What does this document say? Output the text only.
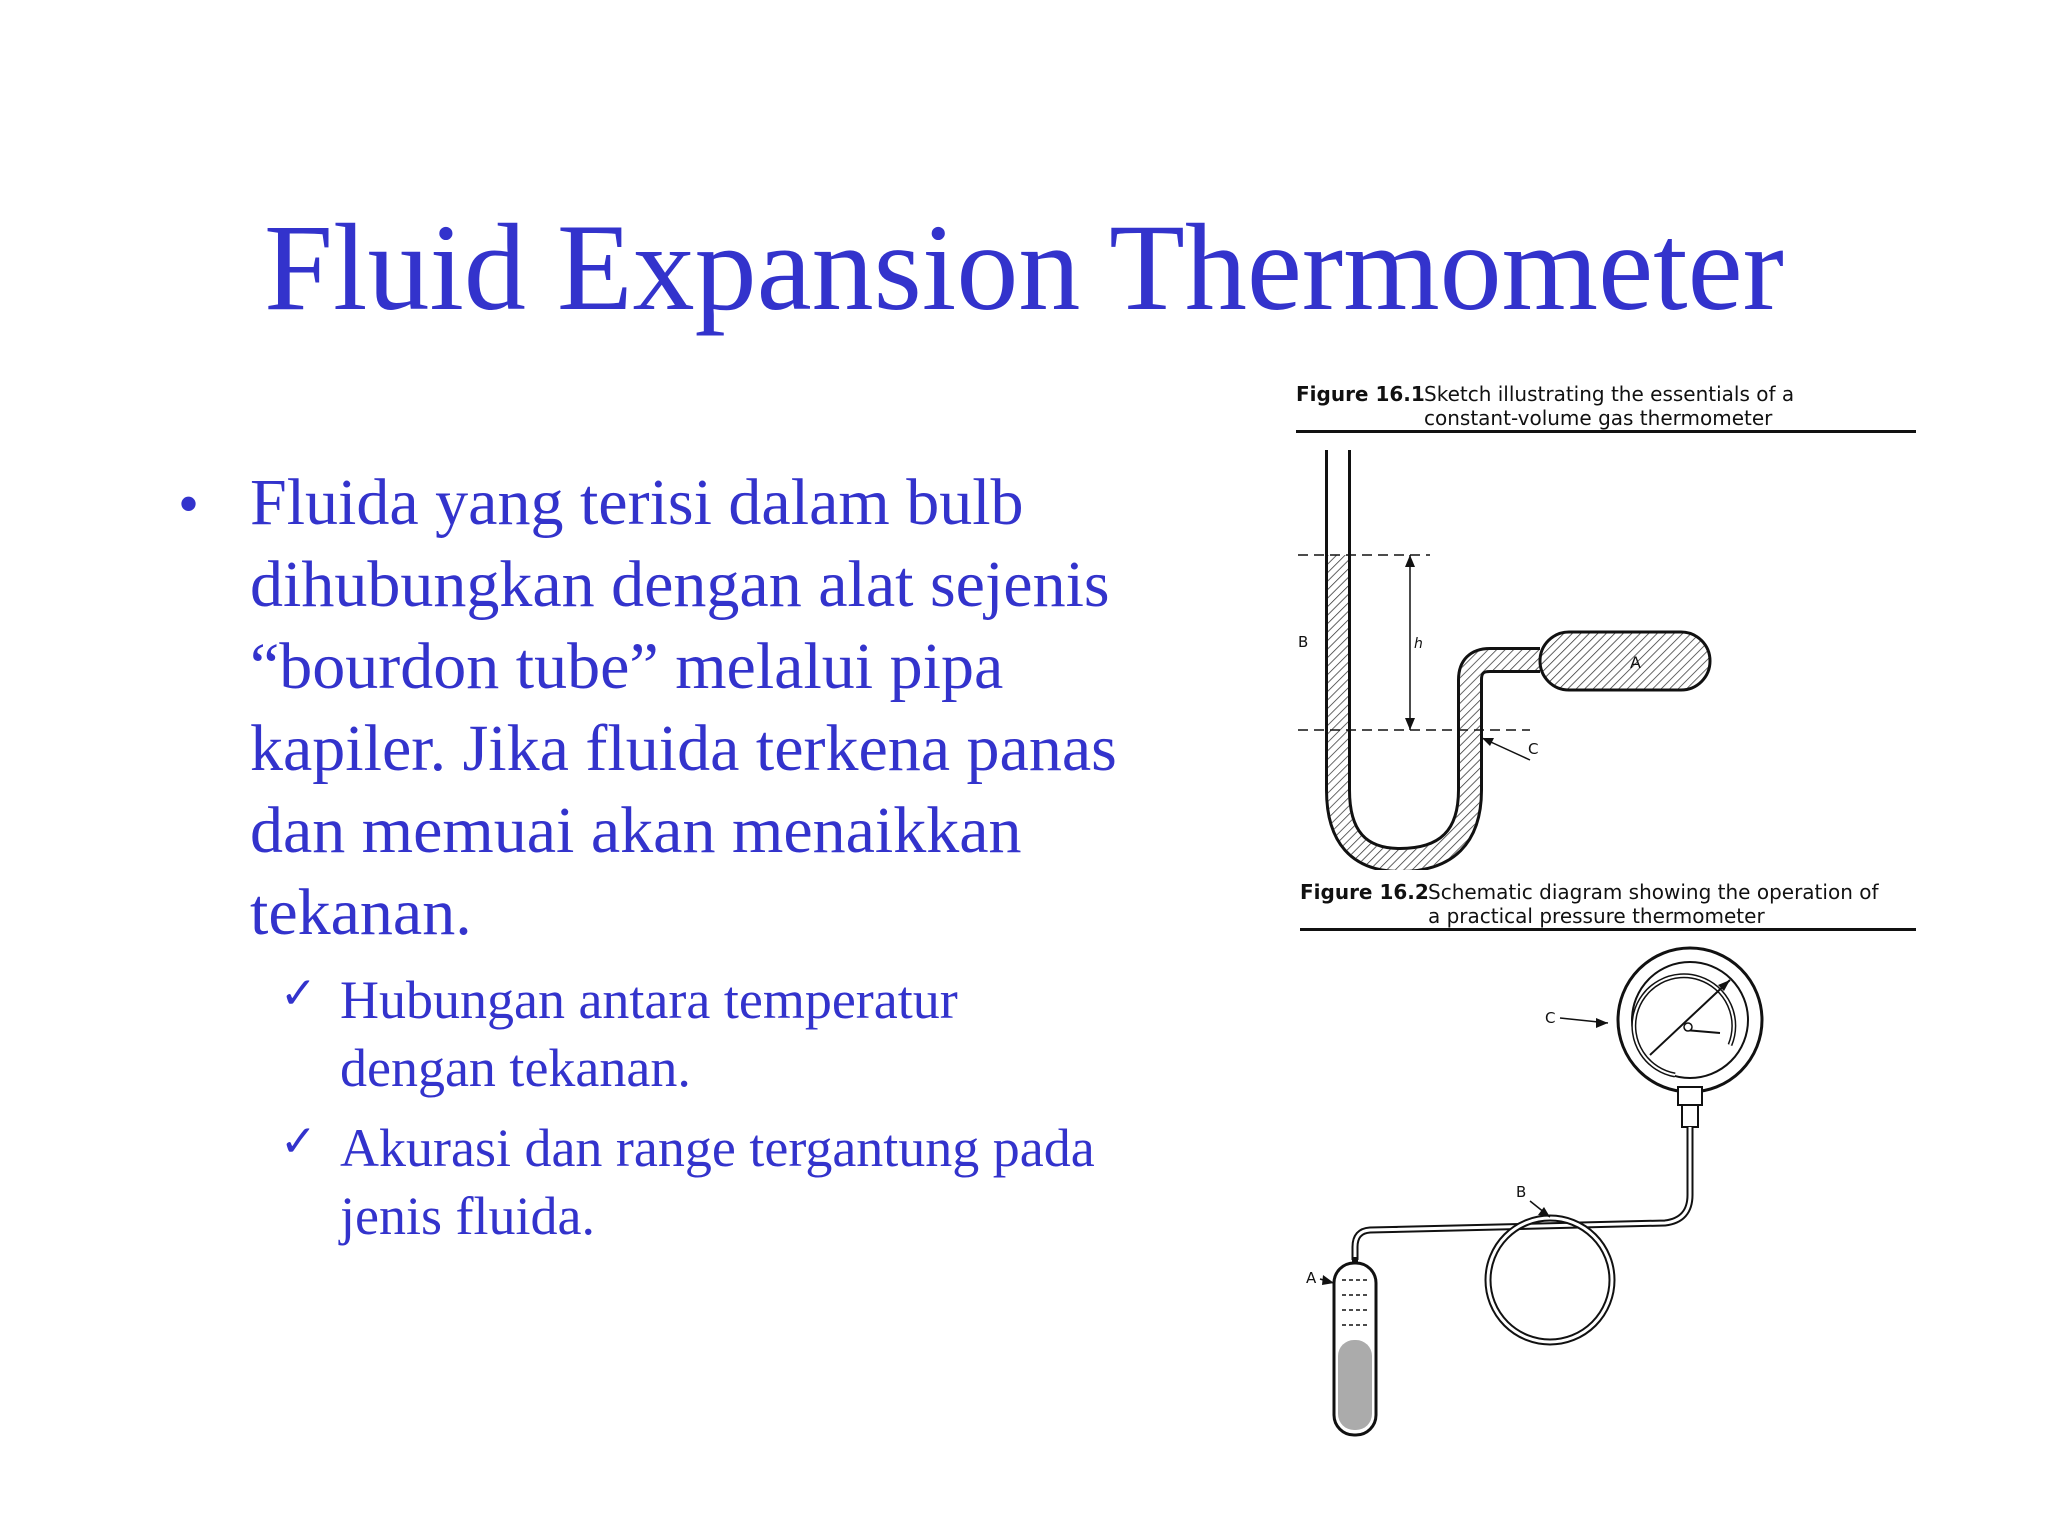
Fluid Expansion Thermometer
• Fluida yang terisi dalam bulb
dihubungkan dengan alat sejenis
“bourdon tube” melalui pipa
kapiler. Jika fluida terkena panas
dan memuai akan menaikkan
tekanan.
✓ Hubungan antara temperatur
dengan tekanan.
✓ Akurasi dan range tergantung pada
jenis fluida.
Figure 16.1 Sketch illustrating the essentials of a
constant-volume gas thermometer
A
h
B
C
Figure 16.2 Schematic diagram showing the operation of
a practical pressure thermometer
C
B
A
